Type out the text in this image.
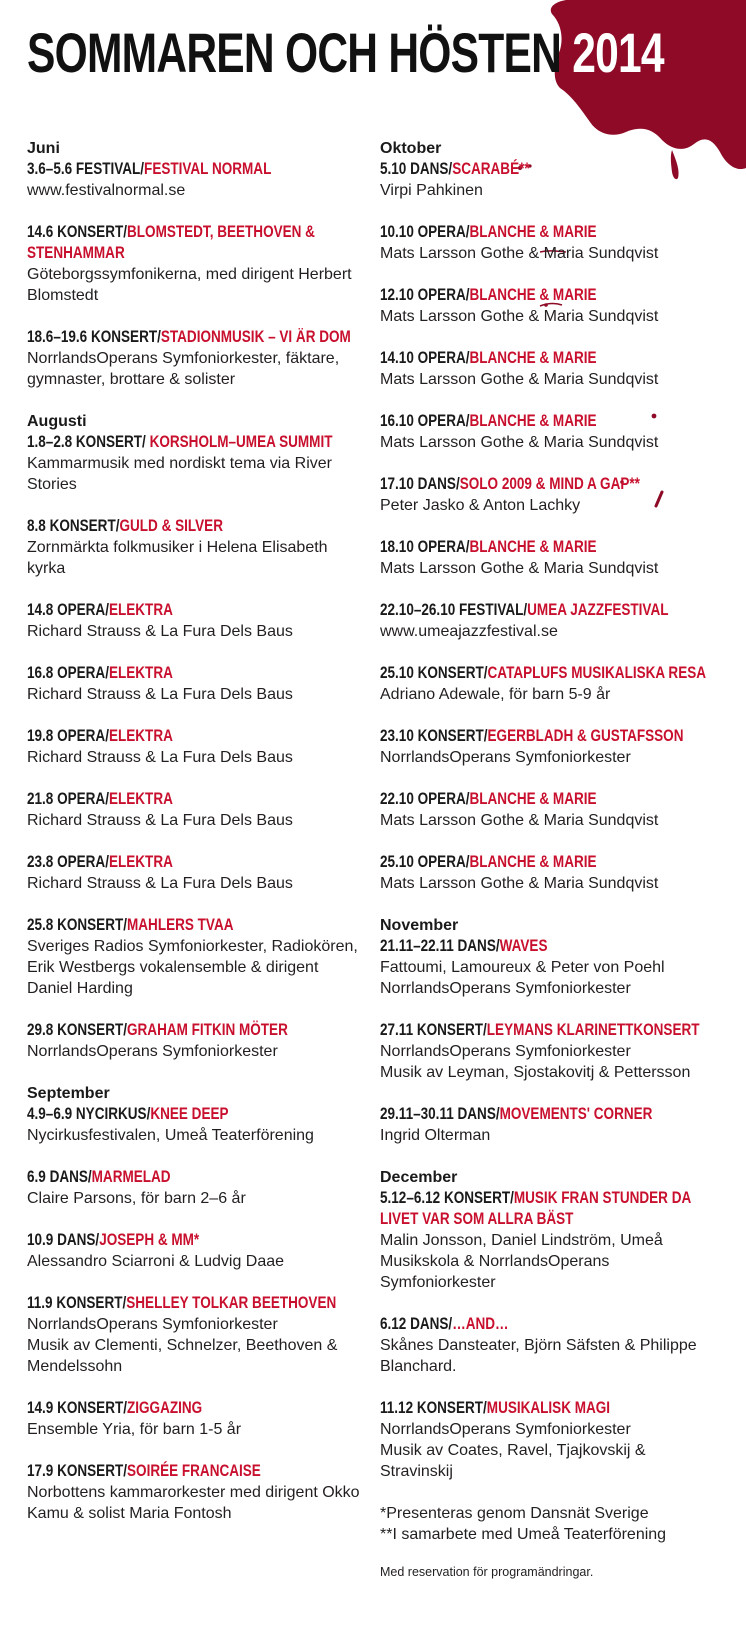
SOMMAREN OCH HÖSTEN 2014
Juni
3.6–5.6 FESTIVAL/FESTIVAL NORMAL
www.festivalnormal.se
14.6 KONSERT/BLOMSTEDT, BEETHOVEN & STENHAMMAR
Göteborgssymfonikerna, med dirigent Herbert Blomstedt
18.6–19.6 KONSERT/STADIONMUSIK – VI ÄR DOM
NorrlandsOperans Symfoniorkester, fäktare, gymnaster, brottare & solister
Augusti
1.8–2.8 KONSERT/ KORSHOLM–UMEA SUMMIT
Kammarmusik med nordiskt tema via River Stories
8.8 KONSERT/GULD & SILVER
Zornmärkta folkmusiker i Helena Elisabeth kyrka
14.8 OPERA/ELEKTRA
Richard Strauss & La Fura Dels Baus
16.8 OPERA/ELEKTRA
Richard Strauss & La Fura Dels Baus
19.8 OPERA/ELEKTRA
Richard Strauss & La Fura Dels Baus
21.8 OPERA/ELEKTRA
Richard Strauss & La Fura Dels Baus
23.8 OPERA/ELEKTRA
Richard Strauss & La Fura Dels Baus
25.8 KONSERT/MAHLERS TVAA
Sveriges Radios Symfoniorkester, Radiokören, Erik Westbergs vokalensemble & dirigent Daniel Harding
29.8 KONSERT/GRAHAM FITKIN MÖTER
NorrlandsOperans Symfoniorkester
September
4.9–6.9 NYCIRKUS/KNEE DEEP
Nycirkusfestivalen, Umeå Teaterförening
6.9 DANS/MARMELAD
Claire Parsons, för barn 2–6 år
10.9 DANS/JOSEPH & MM*
Alessandro Sciarroni & Ludvig Daae
11.9 KONSERT/SHELLEY TOLKAR BEETHOVEN
NorrlandsOperans Symfoniorkester
Musik av Clementi, Schnelzer, Beethoven & Mendelssohn
14.9 KONSERT/ZIGGAZING
Ensemble Yria, för barn 1-5 år
17.9 KONSERT/SOIRÉE FRANCAISE
Norbottens kammarorkester med dirigent Okko Kamu & solist Maria Fontosh
Oktober
5.10 DANS/SCARABÉ**
Virpi Pahkinen
10.10 OPERA/BLANCHE & MARIE
Mats Larsson Gothe & Maria Sundqvist
12.10 OPERA/BLANCHE & MARIE
Mats Larsson Gothe & Maria Sundqvist
14.10 OPERA/BLANCHE & MARIE
Mats Larsson Gothe & Maria Sundqvist
16.10 OPERA/BLANCHE & MARIE
Mats Larsson Gothe & Maria Sundqvist
17.10 DANS/SOLO 2009 & MIND A GAP**
Peter Jasko & Anton Lachky
18.10 OPERA/BLANCHE & MARIE
Mats Larsson Gothe & Maria Sundqvist
22.10–26.10 FESTIVAL/UMEA JAZZFESTIVAL
www.umeajazzfestival.se
25.10 KONSERT/CATAPLUFS MUSIKALISKA RESA
Adriano Adewale, för barn 5-9 år
23.10 KONSERT/EGERBLADH & GUSTAFSSON
NorrlandsOperans Symfoniorkester
22.10 OPERA/BLANCHE & MARIE
Mats Larsson Gothe & Maria Sundqvist
25.10 OPERA/BLANCHE & MARIE
Mats Larsson Gothe & Maria Sundqvist
November
21.11–22.11 DANS/WAVES
Fattoumi, Lamoureux & Peter von Poehl
NorrlandsOperans Symfoniorkester
27.11 KONSERT/LEYMANS KLARINETTKONSERT
NorrlandsOperans Symfoniorkester
Musik av Leyman, Sjostakovitj & Pettersson
29.11–30.11 DANS/MOVEMENTS' CORNER
Ingrid Olterman
December
5.12–6.12 KONSERT/MUSIK FRAN STUNDER DA LIVET VAR SOM ALLRA BÄST
Malin Jonsson, Daniel Lindström, Umeå Musikskola & NorrlandsOperans Symfoniorkester
6.12 DANS/…AND…
Skånes Dansteater, Björn Säfsten & Philippe Blanchard.
11.12 KONSERT/MUSIKALISK MAGI
NorrlandsOperans Symfoniorkester
Musik av Coates, Ravel, Tjajkovskij & Stravinskij
*Presenteras genom Dansnät Sverige
**I samarbete med Umeå Teaterförening
Med reservation för programändringar.
